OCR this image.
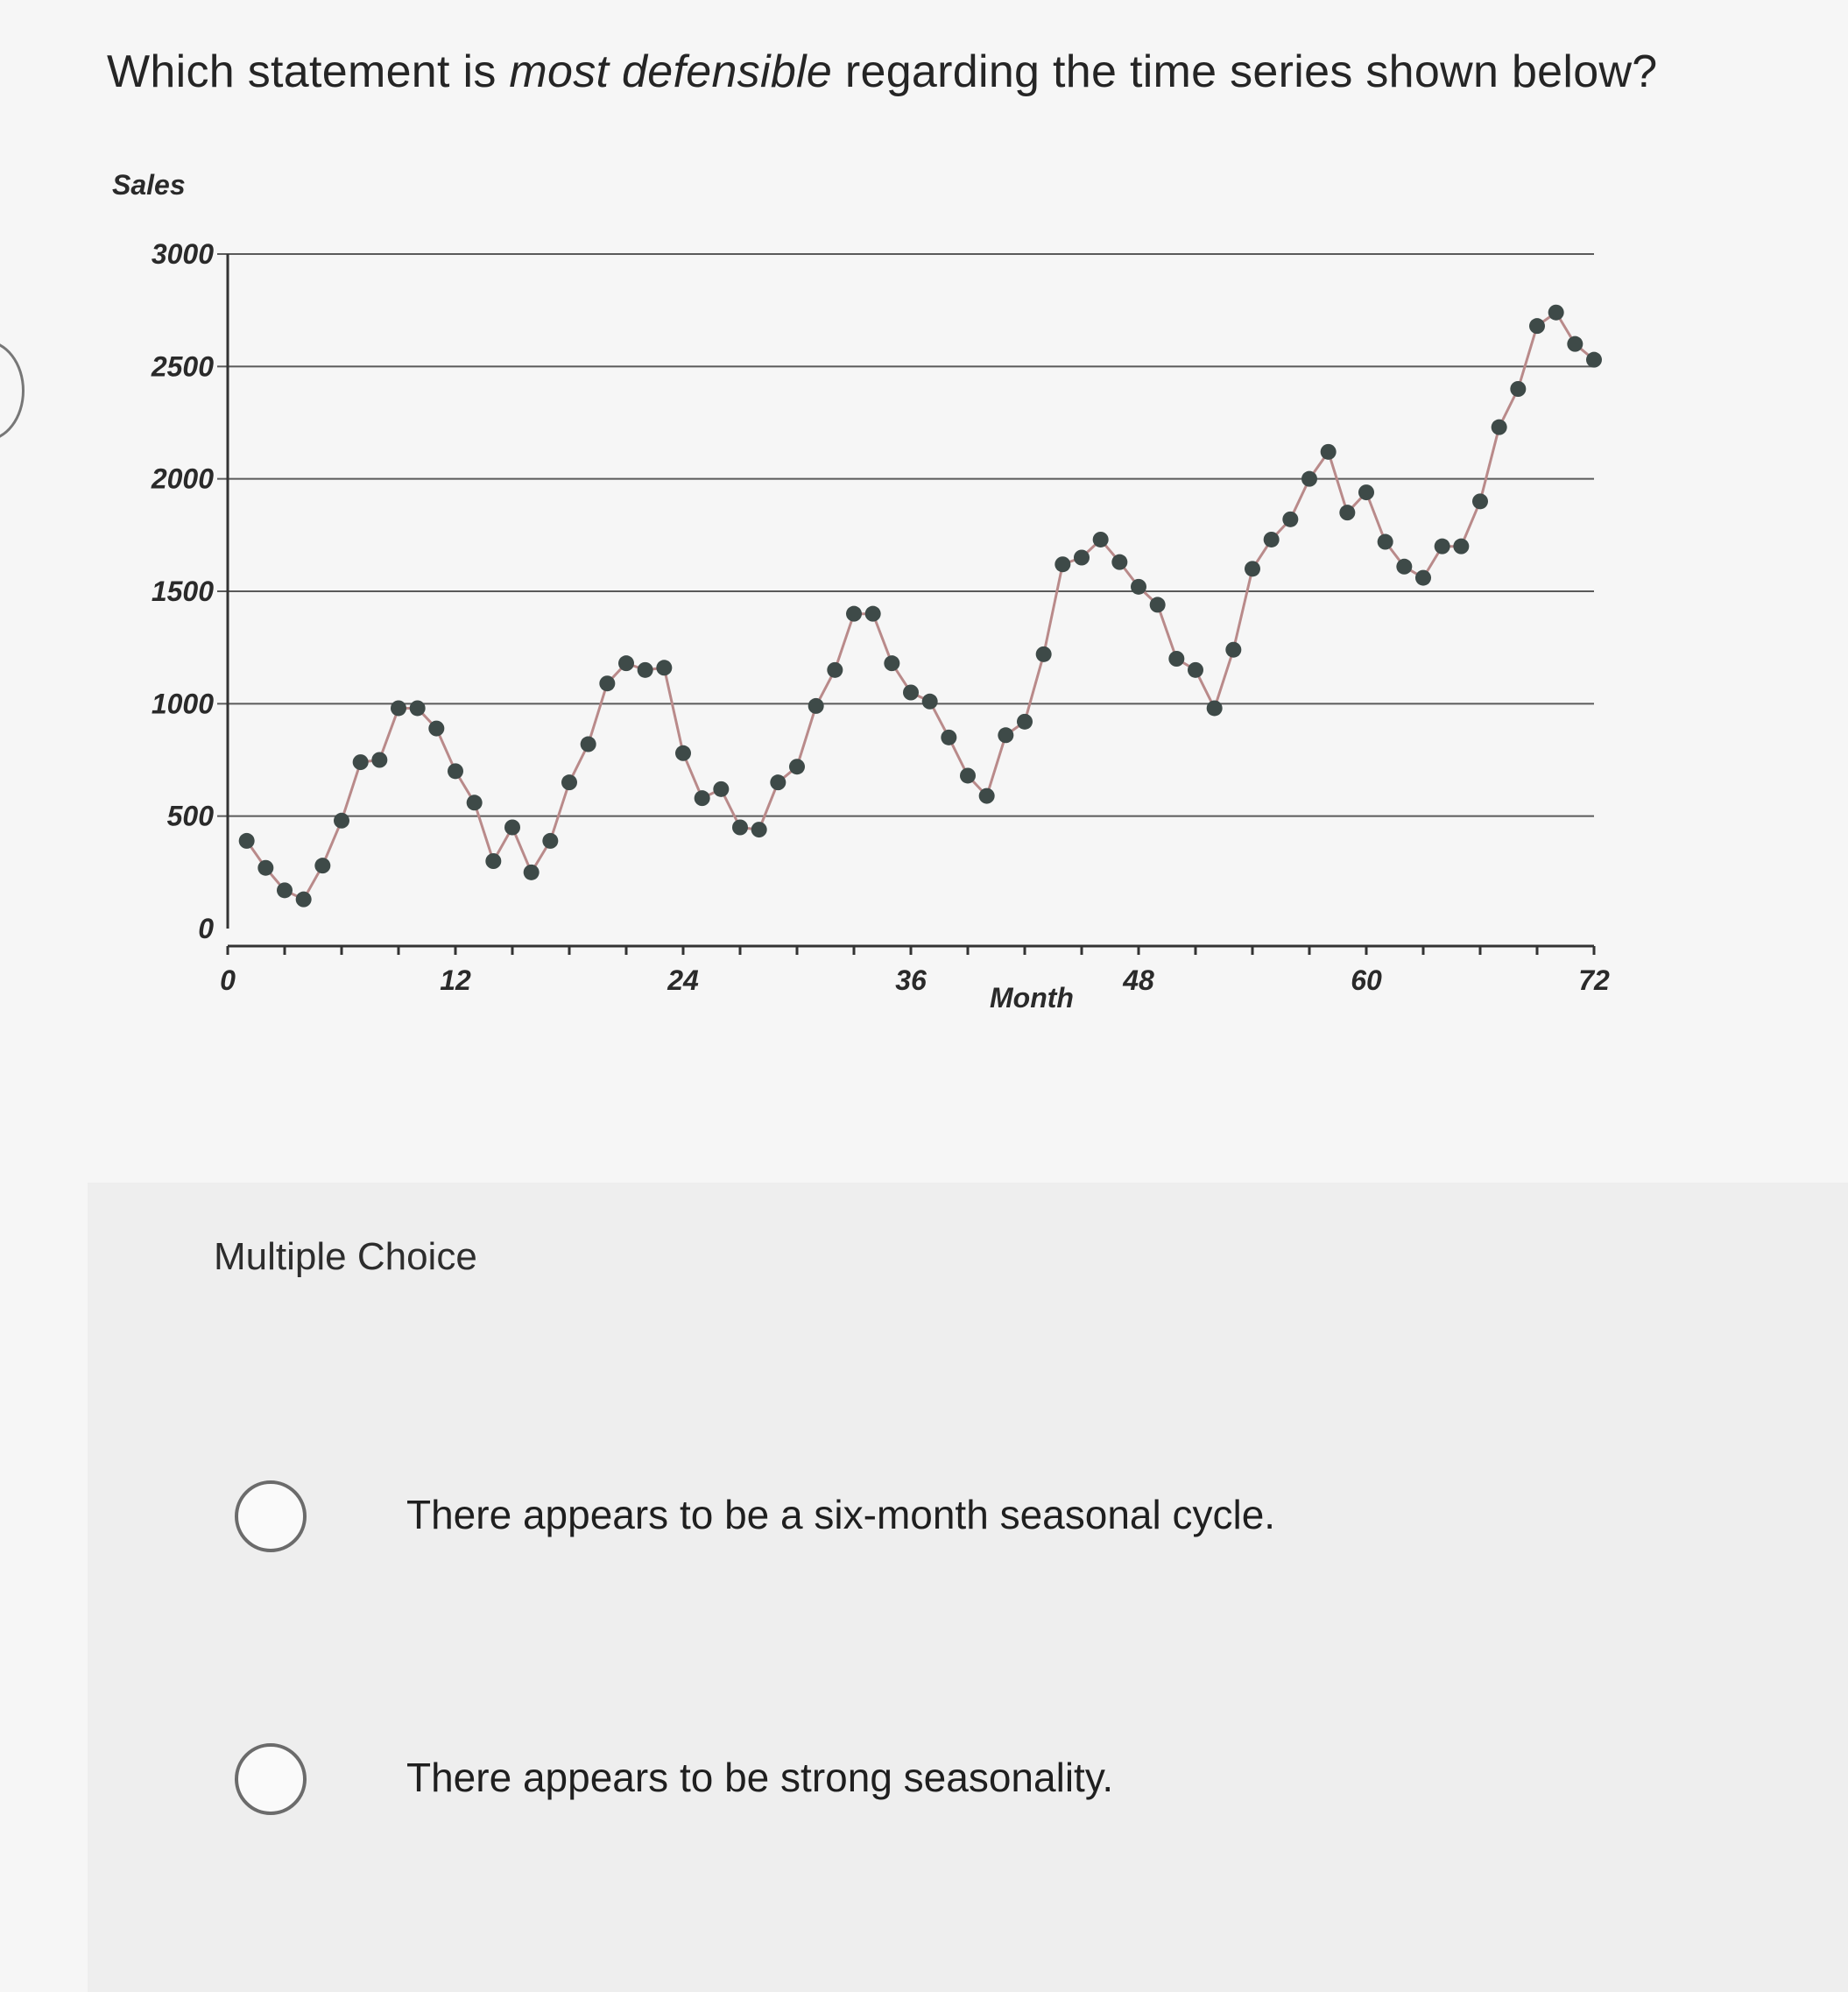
Which statement is most defensible regarding the time series shown below?
Sales
Month
0
500
1000
1500
2000
2500
3000
0	12	24	36	48	60	72
Multiple Choice
There appears to be a six-month seasonal cycle.
There appears to be strong seasonality.
